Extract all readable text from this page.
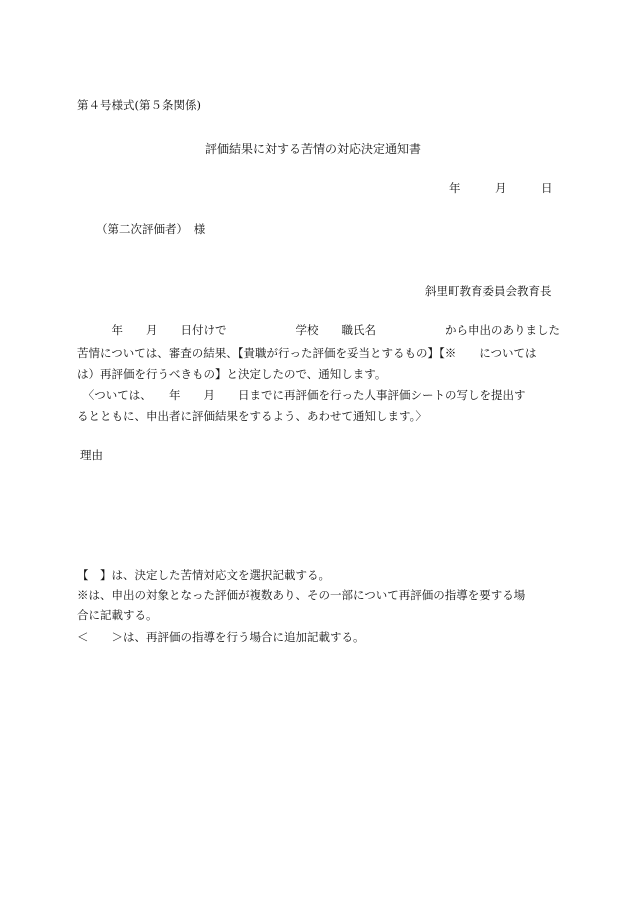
第４号様式(第５条関係)
評価結果に対する苦情の対応決定通知書
年　　　月　　　日
（第二次評価者）　様
斜里町教育委員会教育長
　　　年　　月　　日付けで　　　　　　学校　　職氏名　　　　　　から申出のありました
苦情については、審査の結果、【貴職が行った評価を妥当とするもの】【※　　については
は）再評価を行うべきもの】と決定したので、通知します。
　〈ついては、　　年　　月　　日までに再評価を行った人事評価シートの写しを提出す
るとともに、申出者に評価結果をするよう、あわせて通知します。〉
理由
【　】は、決定した苦情対応文を選択記載する。
※は、申出の対象となった評価が複数あり、その一部について再評価の指導を要する場
合に記載する。
＜　　＞は、再評価の指導を行う場合に追加記載する。
